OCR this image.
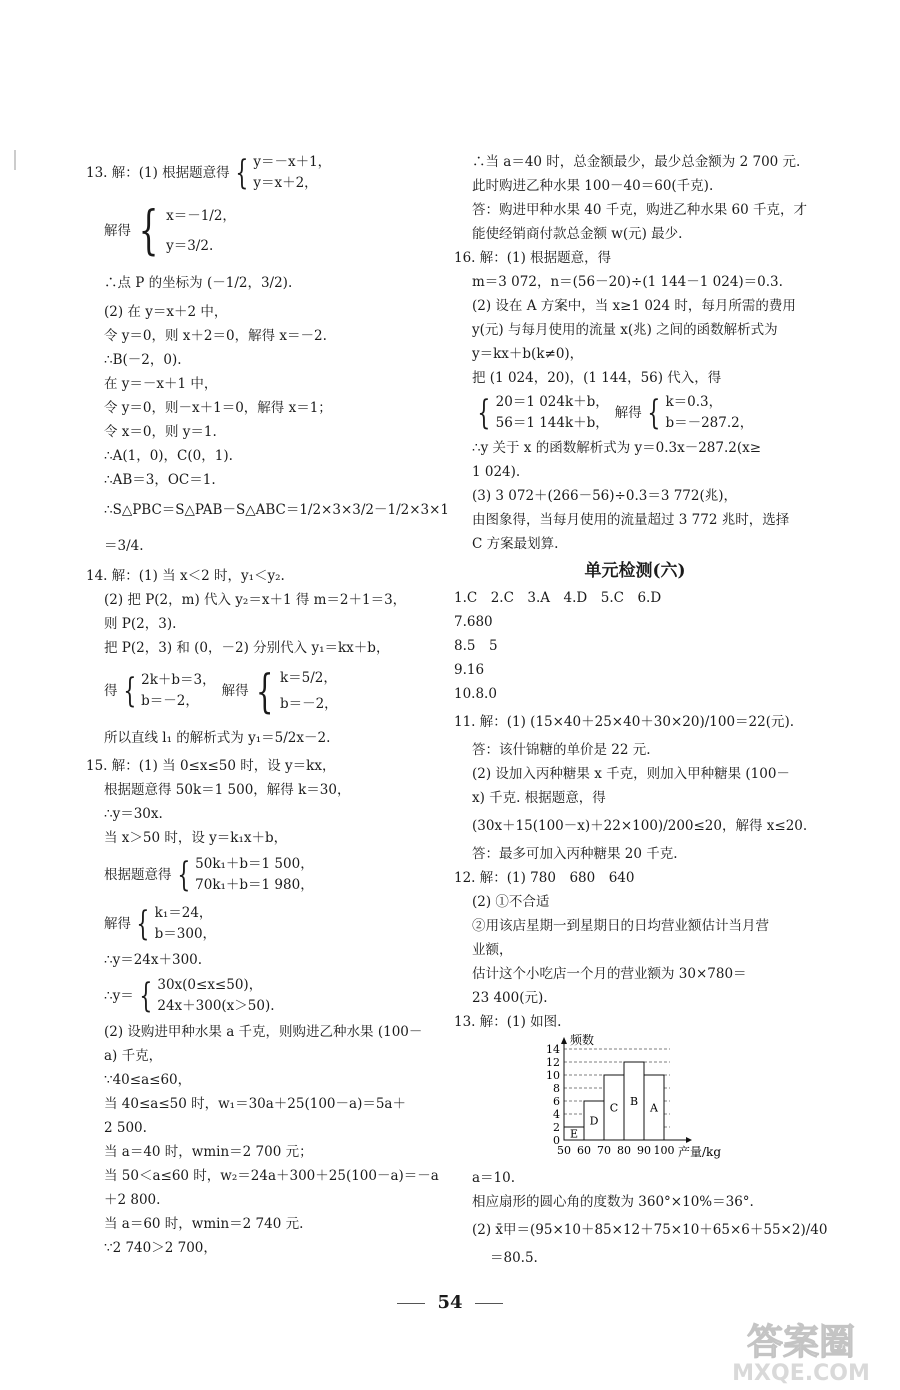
13. 解：(1) 根据题意得 { y＝－x＋1，
y＝x＋2，
解得 { x＝－1/2，
y＝3/2.
∴点 P 的坐标为 (－1/2，3/2).
(2) 在 y＝x＋2 中，
令 y＝0，则 x＋2＝0，解得 x＝－2.
∴B(－2，0).
在 y＝－x＋1 中，
令 y＝0，则－x＋1＝0，解得 x＝1；
令 x＝0，则 y＝1.
∴A(1，0)，C(0，1).
∴AB＝3，OC＝1.
∴S△PBC＝S△PAB－S△ABC＝1/2×3×3/2－1/2×3×1
＝3/4.
14. 解：(1) 当 x＜2 时，y₁＜y₂.
(2) 把 P(2，m) 代入 y₂＝x＋1 得 m＝2＋1＝3，
则 P(2，3).
把 P(2，3) 和 (0，－2) 分别代入 y₁＝kx＋b，
得 { 2k＋b＝3，
b＝－2，
解得 { k＝5/2，
b＝－2，
所以直线 l₁ 的解析式为 y₁＝5/2x－2.
15. 解：(1) 当 0≤x≤50 时，设 y＝kx，
根据题意得 50k＝1 500，解得 k＝30，
∴y＝30x.
当 x＞50 时，设 y＝k₁x＋b，
根据题意得 { 50k₁＋b＝1 500，
70k₁＋b＝1 980，
解得 { k₁＝24，
b＝300，
∴y＝24x＋300.
∴y＝ { 30x(0≤x≤50)，
24x＋300(x＞50).
(2) 设购进甲种水果 a 千克，则购进乙种水果 (100－
a) 千克，
∵40≤a≤60，
当 40≤a≤50 时，w₁＝30a＋25(100－a)＝5a＋
2 500.
当 a＝40 时，wmin＝2 700 元；
当 50＜a≤60 时，w₂＝24a＋300＋25(100－a)＝－a
＋2 800.
当 a＝60 时，wmin＝2 740 元.
∵2 740＞2 700，
∴当 a＝40 时，总金额最少，最少总金额为 2 700 元.
此时购进乙种水果 100－40＝60(千克).
答：购进甲种水果 40 千克，购进乙种水果 60 千克，才
能使经销商付款总金额 w(元) 最少.
16. 解：(1) 根据题意，得
m＝3 072，n＝(56－20)÷(1 144－1 024)＝0.3.
(2) 设在 A 方案中，当 x≥1 024 时，每月所需的费用
y(元) 与每月使用的流量 x(兆) 之间的函数解析式为
y＝kx＋b(k≠0)，
把 (1 024，20)，(1 144，56) 代入，得
{ 20＝1 024k＋b，
56＝1 144k＋b，
解得 { k＝0.3，
b＝－287.2，
∴y 关于 x 的函数解析式为 y＝0.3x－287.2(x≥
1 024).
(3) 3 072＋(266－56)÷0.3＝3 772(兆)，
由图象得，当每月使用的流量超过 3 772 兆时，选择
C 方案最划算.
单元检测(六)
1.C　2.C　3.A　4.D　5.C　6.D
7.680
8.5　5
9.16
10.8.0
11. 解：(1) (15×40＋25×40＋30×20)/100＝22(元).
答：该什锦糖的单价是 22 元.
(2) 设加入丙种糖果 x 千克，则加入甲种糖果 (100－
x) 千克. 根据题意，得
(30x＋15(100－x)＋22×100)/200≤20，解得 x≤20.
答：最多可加入丙种糖果 20 千克.
12. 解：(1) 780　680　640
(2) ①不合适
②用该店星期一到星期日的日均营业额估计当月营
业额，
估计这个小吃店一个月的营业额为 30×780＝
23 400(元).
13. 解：(1) 如图.
E
D
C B A
0
2
4
6
8
10
12
14
50 60 70 80 90 100
频数
产量/kg
a＝10.
相应扇形的圆心角的度数为 360°×10%＝36°.
(2) x̄甲＝(95×10＋85×12＋75×10＋65×6＋55×2)/40
＝80.5.
54
答案圈
MXQE.COM
